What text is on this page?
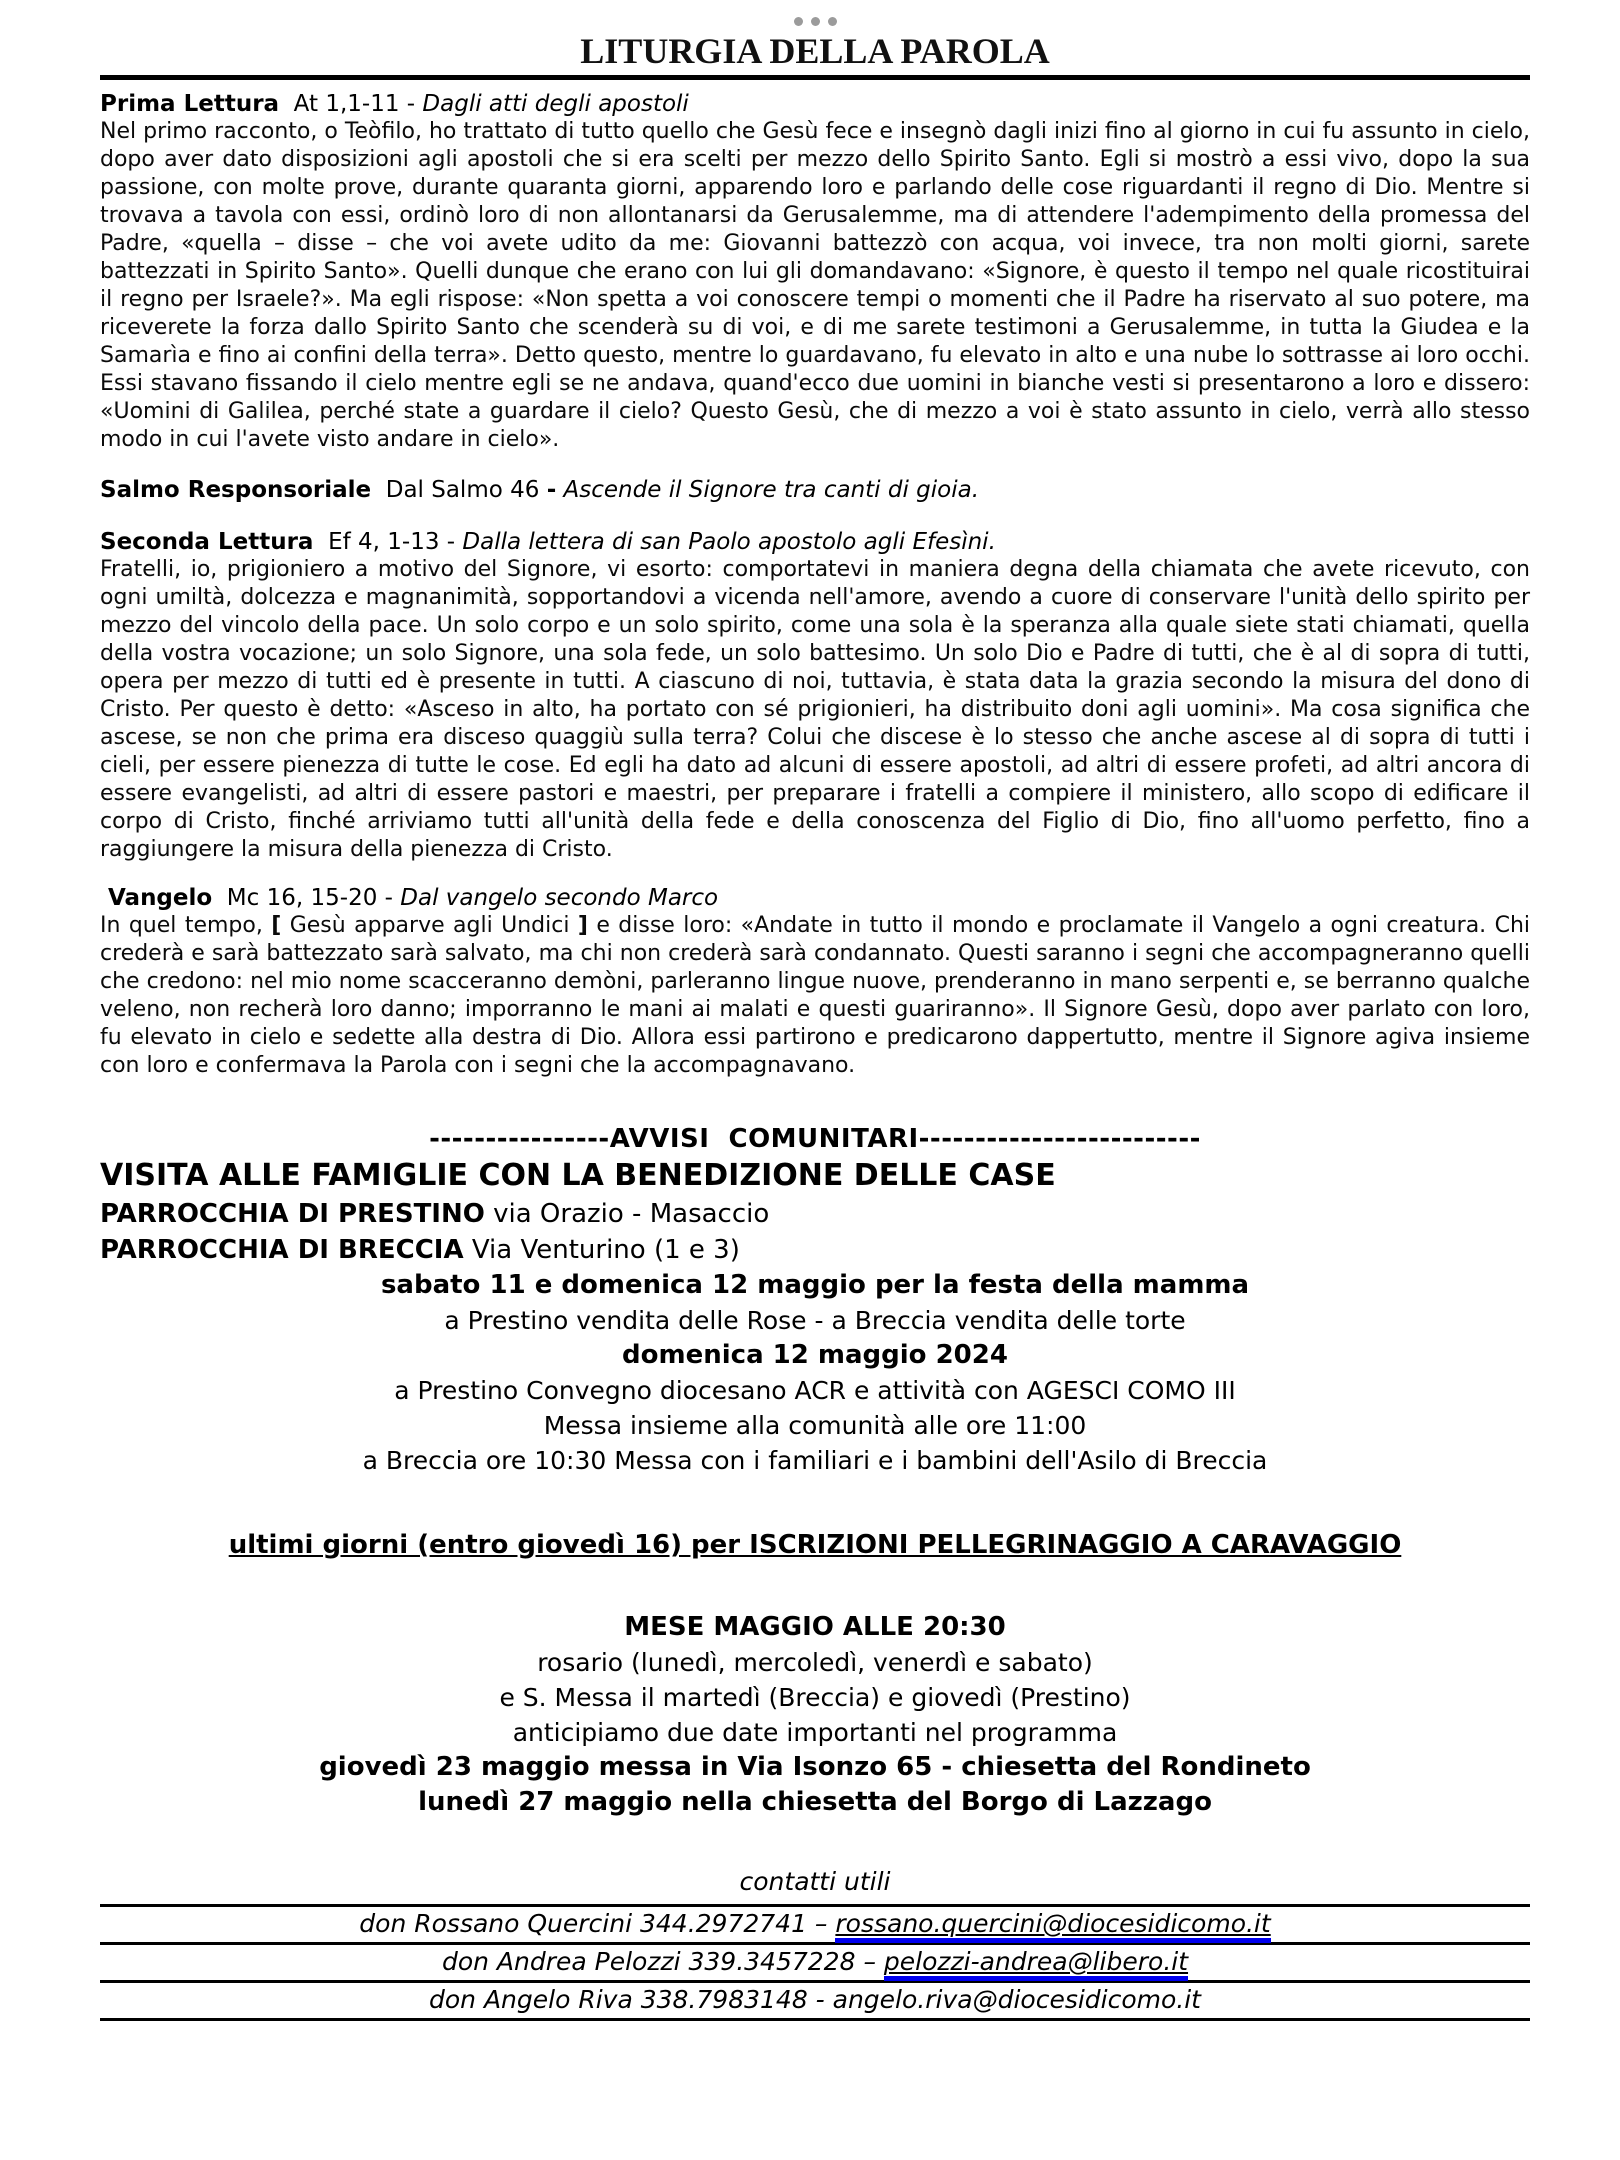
LITURGIA DELLA PAROLA

Prima Lettura  At 1,1-11 - Dagli atti degli apostoli

Nel primo racconto, o Teòfilo, ho trattato di tutto quello che Gesù fece e insegnò dagli inizi fino al giorno in cui fu assunto in cielo, dopo aver dato disposizioni agli apostoli che si era scelti per mezzo dello Spirito Santo. Egli si mostrò a essi vivo, dopo la sua passione, con molte prove, durante quaranta giorni, apparendo loro e parlando delle cose riguardanti il regno di Dio. Mentre si trovava a tavola con essi, ordinò loro di non allontanarsi da Gerusalemme, ma di attendere l'adempimento della promessa del Padre, «quella – disse – che voi avete udito da me: Giovanni battezzò con acqua, voi invece, tra non molti giorni, sarete battezzati in Spirito Santo». Quelli dunque che erano con lui gli domandavano: «Signore, è questo il tempo nel quale ricostituirai il regno per Israele?». Ma egli rispose: «Non spetta a voi conoscere tempi o momenti che il Padre ha riservato al suo potere, ma riceverete la forza dallo Spirito Santo che scenderà su di voi, e di me sarete testimoni a Gerusalemme, in tutta la Giudea e la Samarìa e fino ai confini della terra». Detto questo, mentre lo guardavano, fu elevato in alto e una nube lo sottrasse ai loro occhi. Essi stavano fissando il cielo mentre egli se ne andava, quand'ecco due uomini in bianche vesti si presentarono a loro e dissero: «Uomini di Galilea, perché state a guardare il cielo? Questo Gesù, che di mezzo a voi è stato assunto in cielo, verrà allo stesso modo in cui l'avete visto andare in cielo».

Salmo Responsoriale  Dal Salmo 46 - Ascende il Signore tra canti di gioia.

Seconda Lettura  Ef 4, 1-13 - Dalla lettera di san Paolo apostolo agli Efesìni.

Fratelli, io, prigioniero a motivo del Signore, vi esorto: comportatevi in maniera degna della chiamata che avete ricevuto, con ogni umiltà, dolcezza e magnanimità, sopportandovi a vicenda nell'amore, avendo a cuore di conservare l'unità dello spirito per mezzo del vincolo della pace. Un solo corpo e un solo spirito, come una sola è la speranza alla quale siete stati chiamati, quella della vostra vocazione; un solo Signore, una sola fede, un solo battesimo. Un solo Dio e Padre di tutti, che è al di sopra di tutti, opera per mezzo di tutti ed è presente in tutti. A ciascuno di noi, tuttavia, è stata data la grazia secondo la misura del dono di Cristo. Per questo è detto: «Asceso in alto, ha portato con sé prigionieri, ha distribuito doni agli uomini». Ma cosa significa che ascese, se non che prima era disceso quaggiù sulla terra? Colui che discese è lo stesso che anche ascese al di sopra di tutti i cieli, per essere pienezza di tutte le cose. Ed egli ha dato ad alcuni di essere apostoli, ad altri di essere profeti, ad altri ancora di essere evangelisti, ad altri di essere pastori e maestri, per preparare i fratelli a compiere il ministero, allo scopo di edificare il corpo di Cristo, finché arriviamo tutti all'unità della fede e della conoscenza del Figlio di Dio, fino all'uomo perfetto, fino a raggiungere la misura della pienezza di Cristo.

Vangelo  Mc 16, 15-20 - Dal vangelo secondo Marco

In quel tempo, [ Gesù apparve agli Undici ] e disse loro: «Andate in tutto il mondo e proclamate il Vangelo a ogni creatura. Chi crederà e sarà battezzato sarà salvato, ma chi non crederà sarà condannato. Questi saranno i segni che accompagneranno quelli che credono: nel mio nome scacceranno demòni, parleranno lingue nuove, prenderanno in mano serpenti e, se berranno qualche veleno, non recherà loro danno; imporranno le mani ai malati e questi guariranno». Il Signore Gesù, dopo aver parlato con loro, fu elevato in cielo e sedette alla destra di Dio. Allora essi partirono e predicarono dappertutto, mentre il Signore agiva insieme con loro e confermava la Parola con i segni che la accompagnavano.

----------------AVVISI  COMUNITARI-------------------------

VISITA ALLE FAMIGLIE CON LA BENEDIZIONE DELLE CASE

PARROCCHIA DI PRESTINO via Orazio - Masaccio

PARROCCHIA DI BRECCIA Via Venturino (1 e 3)

sabato 11 e domenica 12 maggio per la festa della mamma

a Prestino vendita delle Rose - a Breccia vendita delle torte

domenica 12 maggio 2024

a Prestino Convegno diocesano ACR e attività con AGESCI COMO III

Messa insieme alla comunità alle ore 11:00

a Breccia ore 10:30 Messa con i familiari e i bambini dell'Asilo di Breccia

ultimi giorni (entro giovedì 16) per ISCRIZIONI PELLEGRINAGGIO A CARAVAGGIO

MESE MAGGIO ALLE 20:30

rosario (lunedì, mercoledì, venerdì e sabato)

e S. Messa il martedì (Breccia) e giovedì (Prestino)

anticipiamo due date importanti nel programma

giovedì 23 maggio messa in Via Isonzo 65 - chiesetta del Rondineto

lunedì 27 maggio nella chiesetta del Borgo di Lazzago

contatti utili

don Rossano Quercini 344.2972741 – rossano.quercini@diocesidicomo.it

don Andrea Pelozzi 339.3457228 – pelozzi-andrea@libero.it

don Angelo Riva 338.7983148 - angelo.riva@diocesidicomo.it
